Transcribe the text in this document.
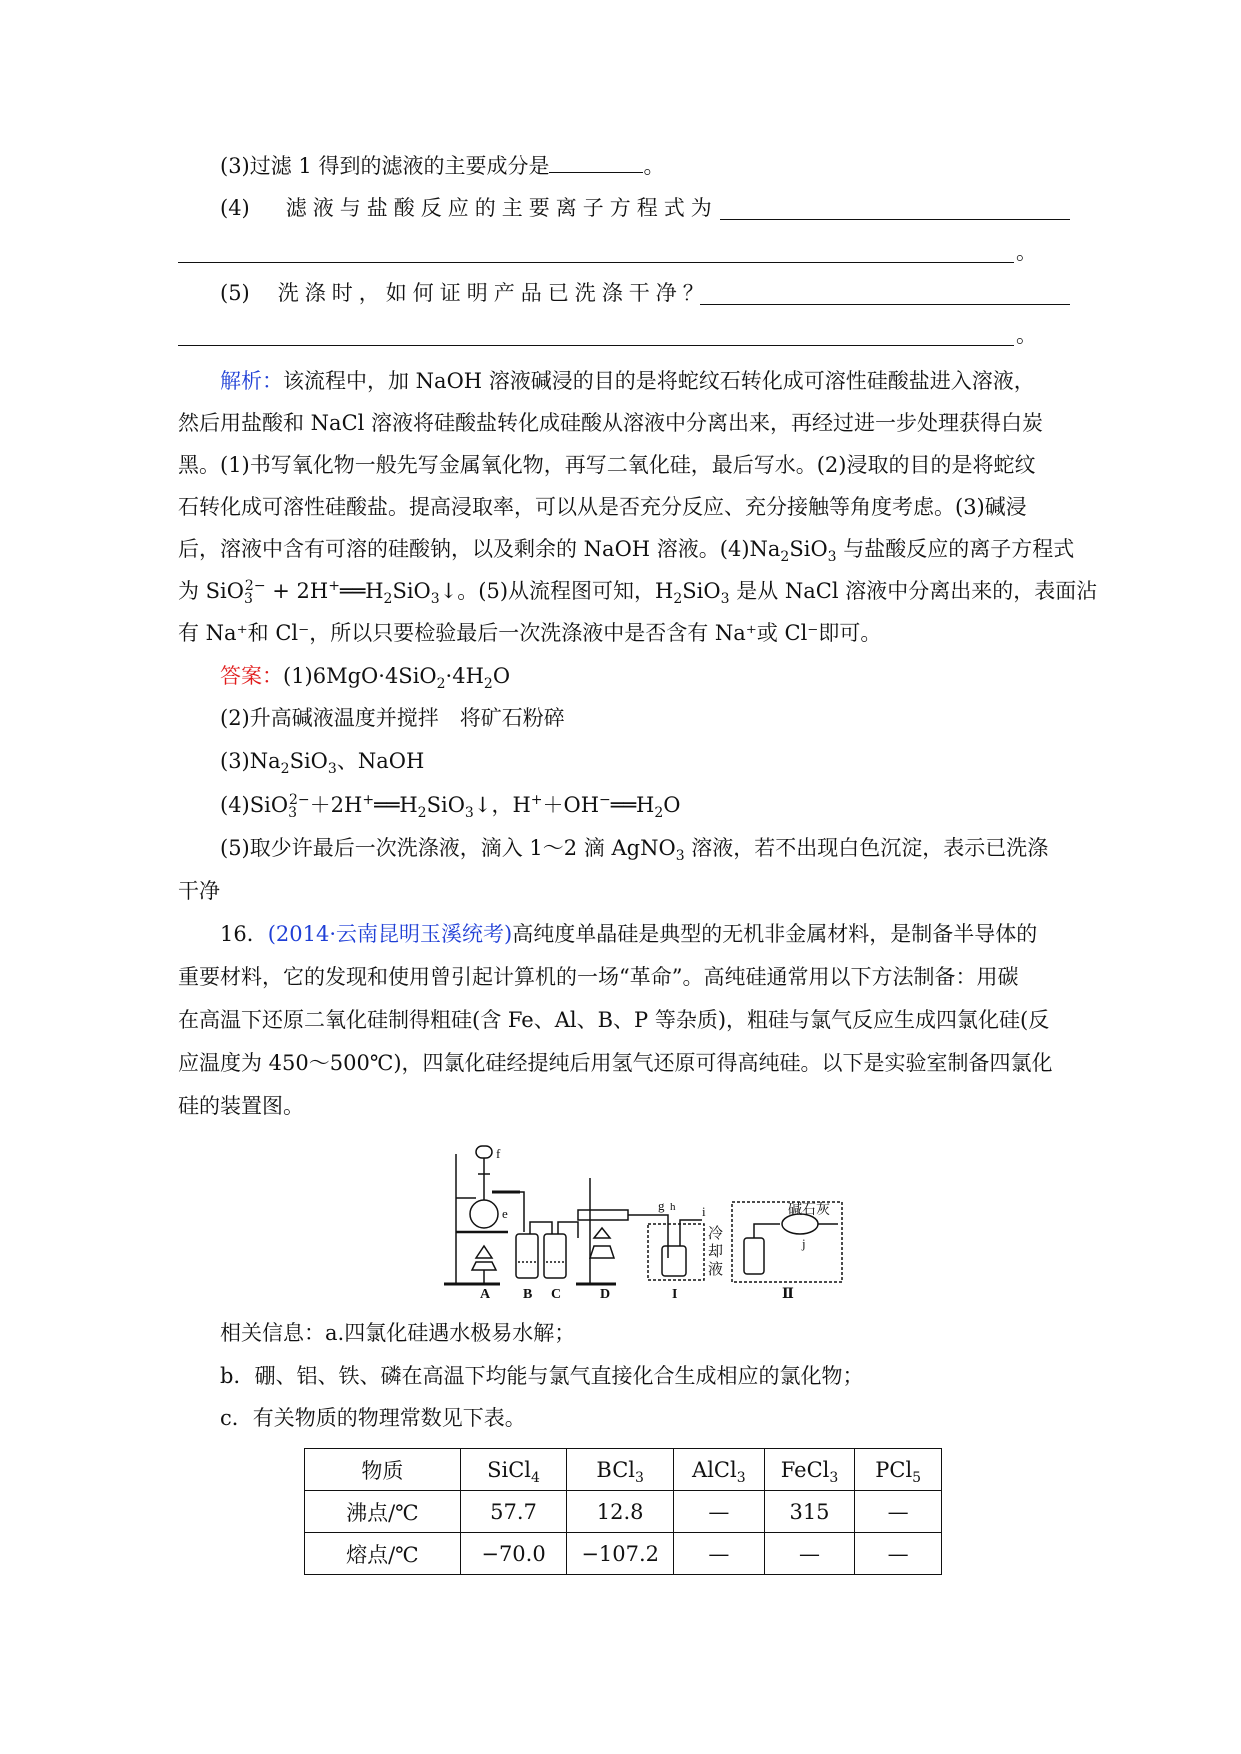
(3)过滤 1 得到的滤液的主要成分是	。
(4) 滤液与盐酸反应的主要离子方程式为
。
(5) 洗涤时，如何证明产品已洗涤干净？
。
解析：该流程中，加 NaOH 溶液碱浸的目的是将蛇纹石转化成可溶性硅酸盐进入溶液，
然后用盐酸和 NaCl 溶液将硅酸盐转化成硅酸从溶液中分离出来，再经过进一步处理获得白炭
黑。(1)书写氧化物一般先写金属氧化物，再写二氧化硅，最后写水。(2)浸取的目的是将蛇纹
石转化成可溶性硅酸盐。提高浸取率，可以从是否充分反应、充分接触等角度考虑。(3)碱浸
后，溶液中含有可溶的硅酸钠，以及剩余的 NaOH 溶液。$(4)Na_2SiO_3$ 与盐酸反应的离子方程式
为 $SiO_3^{2-} + 2H^+══H_2SiO_3↓$。(5)从流程图可知，$H_2SiO_3$ 是从 NaCl 溶液中分离出来的，表面沾
有 Na⁺和 Cl⁻，所以只要检验最后一次洗涤液中是否含有 Na⁺或 Cl⁻即可。
答案：$(1)6MgO\cdot 4SiO_2\cdot 4H_2O$
(2)升高碱液温度并搅拌　将矿石粉碎
$(3)Na_2SiO_3$、NaOH
$(4)SiO_3^{2-}+2H^+══H_2SiO_3↓$，$H^++OH^-══H_2O$
(5)取少许最后一次洗涤液，滴入 1～2 滴 AgNO$_3$ 溶液，若不出现白色沉淀，表示已洗涤
干净
16．(2014·云南昆明玉溪统考)高纯度单晶硅是典型的无机非金属材料，是制备半导体的
重要材料，它的发现和使用曾引起计算机的一场“革命”。高纯硅通常用以下方法制备：用碳
在高温下还原二氧化硅制得粗硅(含 Fe、Al、B、P 等杂质)，粗硅与氯气反应生成四氯化硅(反
应温度为 450～500℃)，四氯化硅经提纯后用氢气还原可得高纯硅。以下是实验室制备四氯化
硅的装置图。
f
e
g h i
j
冷
却
液
碱石灰
A B C	D	I	Ⅱ
相关信息：a.四氯化硅遇水极易水解；
b．硼、铝、铁、磷在高温下均能与氯气直接化合生成相应的氯化物；
c．有关物质的物理常数见下表。
物质	SiCl$_4$	BCl$_3$	AlCl$_3$	FeCl$_3$	PCl$_5$
沸点/℃	57.7	12.8	—	315	—
熔点/℃	−70.0	−107.2	—	—	—
